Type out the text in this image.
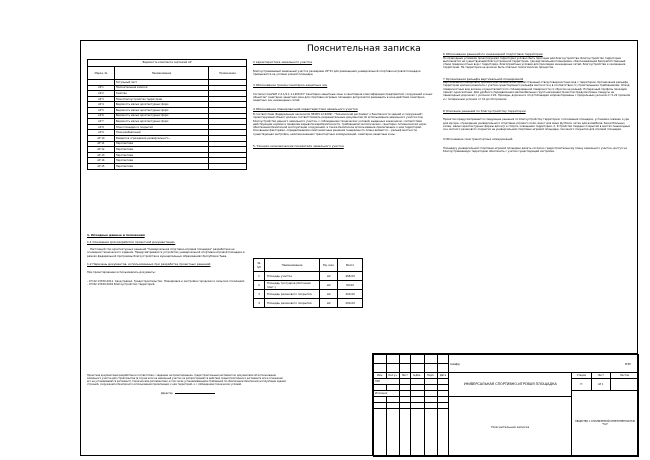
Пояснительная записка
Ведомость комплекта чертежей АР
Марка, №	Наименование	Примечание
	Титульный лист	
АР 1	Пояснительная записка	
АР 2	Генплан	
АР 3	План благоустройства территории	
АР 4	Ведомость малых архитектурных форм	
АР 5	Ведомость малых архитектурных форм	
АР 6	Ведомость малых архитектурных форм	
АР 7	Ведомость малых архитектурных форм	
АР 8	План площадок и покрытий	
АР 9	План разбивочный	
АР 10	Развертка ограждения универсального...	
АР 11	Перспектива	
АР 12	Перспектива	
АР 13	Перспектива	
АР 14	Перспектива	
АР 15	Перспектива	

1. Исходные данные и положения

1.1 Основания для разработки проектной документации.

Настоящий том архитектурных решений "Универсальная спортивно-игровая площадка" разработана на основании технического задания. Предусматривается устройство универсальной спортивно-игровой площадки в рамках федеральной программы благоустройства в муниципальных образованиях Республики Тыва.

1.2 Перечень документов, использованных при разработке проектных решений

При проектировании использовались документы:

- СП 42.13330.2011. Свод правил. Градостроительство. Планировка и застройка городских и сельских поселений;

- СП 82.13330.2016 Благоустройство территорий

Проектная документация разработана в соответствии с заданием на проектирование, градостроительным регламентом, документами об использовании земельного участка для строительства (в случае если на земельный участок не распространяется действие градостроительного регламента или в отношении его не устанавливается регламент), техническими регламентами, в том числе устанавливающими требования по обеспечению безопасной эксплуатации зданий, строений, сооружений и безопасного использования прилегающих к ним территорий, и с соблюдением технических условий.

Директор

2 характеристика земельного участка

Благоустраиваемый земельный участок размерами 20*23 для размещения универсальной спортивно-игровой площадки примыкается на условно ровной площадке.

3 Обоснование границ санитарно-защитных зон

Согласно СанПиН 2.2.1/2.1.1.1200-03" Санитарно-защитные зоны и санитарная классификация предприятий, сооружений и иных объектов" санитарно-защитная зона для спортивно-игровых площадок допускается размещать в зоне действия санитарно-защитных зон инженерных сетей.

4 Обоснование планировочной характеристики земельного участка

В соответствии Федеральным законом № 384ФЗ 12.2009г. "Технический регламент о безопасности зданий и сооружений", проектируемый объект должен соответствовать разрешительным документам об использовании земельного участка под благоустройство данного земельного участка, с соблюдением технических условий, выданных заказчиком, соответствия действующим нормам и правилам взрывопожаробезопасности, требованиям экологических, санитарно-гигиенических норм, обеспечения безопасной эксплуатации сооружений, а также безопасное использование прилегающих к ним территорий. Основными факторами, определяющими компоновочные решения генерального плана являются: - рельеф местности, существующая застройка, наличие внешних транспортных коммуникаций, санитарно-защитные зоны.

5. Технико-экономические показатели земельного участка

№ п/п	Наименование	Ед. изм.	Всего
1	Площадь участка	м2	468,00
2	Площадь тротуаров (бетонная плит.)	м2	60,00
3	Площадь резинового покрытия	м2	200,00
4	Площадь резинового покрытия	м2	200,00

6 Обоснование решений по инженерной подготовке территории

По природным условиям проектируемая территория условно быть пригодна для благоустройства. Благоустройство территории выполняется на существующей благоустроенной территории, где вертикальная планировка, обеспечивающая беспрепятственный отвод поверхностных вод с территории, благоприятные условия для прокладки инженерных сетей, благоустройства и озеленения территории. На территории не должно быть опасных геологических процессов.

7 Организация рельефа вертикальной планировкой

Вертикальная планировка, должна обеспечивать беспрепятственный отвод поверхностных вод с территории. Организация рельефа территории должна решаться с учетом существующего рельефа местности и в соответствии со строительными требованиями. Отвод поверхностных вод должен осуществляется по спланированной поверхности со сбросом на рельеф. Поперечный профиль проездов принят односкатным. Для удобного передвижения маломобильных групп населения проектом предусмотрены пандусы на пешеходных дорожках с уклоном 1:20. Проезды, дорожки и спортплощадки запроектированы с продольным уклоном от 5-22 промили и с поперечным уклоном от 10 до 20 промили.

8 Описание решений по благоустройству территории

Проектом предусматривается следующие решения по благоустройству территории: 1.Основание площадок, установка скамеек и урн для мусора, ограждение универсального спортивно-игрового поля, ворот для мини футбола, сетки для волейбола, баскетбольных колец, малых архитектурных формы для игр и спорта, освещение территории. 2. Устройство твердых покрытий в местах пешеходных зон, мягкого резинового покрытия на универсальной спортивно-игровой площадке, песчаного покрытия для игровой площадки.

9 Обоснование схем транспортных коммуникаций.

Площадку универсальной спортивно-игровой площадки делать согласно градостроительному плану земельного участка, доступ на благоустраиваемую территорию обеспечить с учетом существующей застройки.

						Шифр ПЗУ			

Изм.	Кол.уч.	Лист	№Док.	Подп.	Дата	УНИВЕРСАЛЬНАЯ СПОРТИВНО-ИГРОВАЯ ПЛОЩАДКА	Стадия	Лист	Листов
ГИП							П	АР 1	

Исполнил							ОБЩЕСТВО С ОГРАНИЧЕННОЙ ОТВЕТСТВЕННОСТЬЮ "ТАС"		
						Пояснительная записка			
